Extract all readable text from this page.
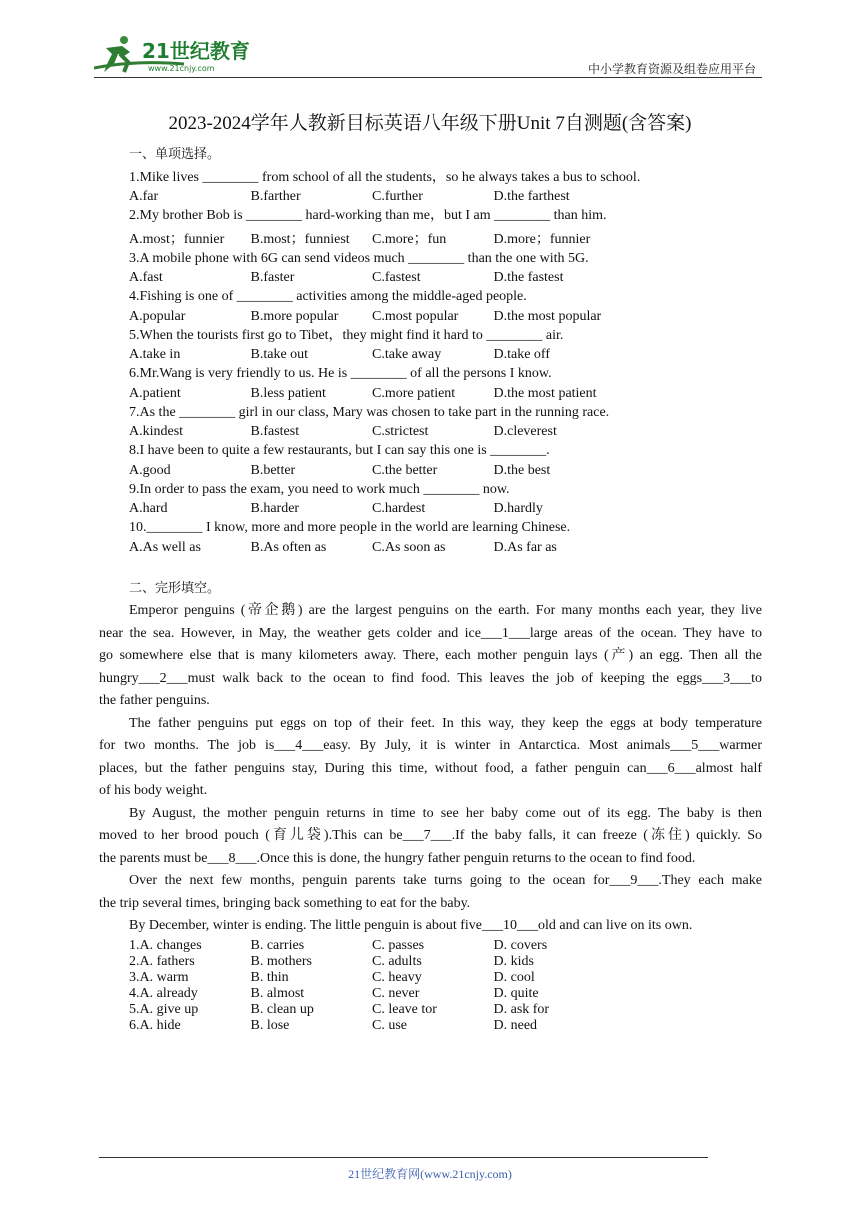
21世纪教育
www.21cnjy.com	中小学教育资源及组卷应用平台
2023-2024学年人教新目标英语八年级下册Unit 7自测题(含答案)
一、单项选择。
1.Mike lives ________ from school of all the students，so he always takes a bus to school.
A.far	B.farther	C.further	D.the farthest
2.My brother Bob is ________ hard-working than me，but I am ________ than him.
A.most；funnier	B.most；funniest	C.more；fun	D.more；funnier
3.A mobile phone with 6G can send videos much ________ than the one with 5G.
A.fast	B.faster	C.fastest	D.the fastest
4.Fishing is one of ________ activities among the middle-aged people.
A.popular	B.more popular	C.most popular	D.the most popular
5.When the tourists first go to Tibet，they might find it hard to ________ air.
A.take in	B.take out	C.take away	D.take off
6.Mr.Wang is very friendly to us. He is ________ of all the persons I know.
A.patient	B.less patient	C.more patient	D.the most patient
7.As the ________ girl in our class, Mary was chosen to take part in the running race.
A.kindest	B.fastest	C.strictest	D.cleverest
8.I have been to quite a few restaurants, but I can say this one is ________.
A.good	B.better	C.the better	D.the best
9.In order to pass the exam, you need to work much ________ now.
A.hard	B.harder	C.hardest	D.hardly
10.________ I know, more and more people in the world are learning Chinese.
A.As well as	B.As often as	C.As soon as	D.As far as
二、完形填空。
Emperor penguins (帝企鹅) are the largest penguins on the earth. For many months each year, they live
near the sea. However, in May, the weather gets colder and ice___1___large areas of the ocean. They have to
go somewhere else that is many kilometers away. There, each mother penguin lays (产) an egg. Then all the
hungry___2___must walk back to the ocean to find food. This leaves the job of keeping the eggs___3___to
the father penguins.
The father penguins put eggs on top of their feet. In this way, they keep the eggs at body temperature
for two months. The job is___4___easy. By July, it is winter in Antarctica. Most animals___5___warmer
places, but the father penguins stay, During this time, without food, a father penguin can___6___almost half
of his body weight.
By August, the mother penguin returns in time to see her baby come out of its egg. The baby is then
moved to her brood pouch (育儿袋).This can be___7___.If the baby falls, it can freeze (冻住) quickly. So
the parents must be___8___.Once this is done, the hungry father penguin returns to the ocean to find food.
Over the next few months, penguin parents take turns going to the ocean for___9___.They each make
the trip several times, bringing back something to eat for the baby.
By December, winter is ending. The little penguin is about five___10___old and can live on its own.
1.A. changes	B. carries	C. passes	D. covers
2.A. fathers	B. mothers	C. adults	D. kids
3.A. warm	B. thin	C. heavy	D. cool
4.A. already	B. almost	C. never	D. quite
5.A. give up	B. clean up	C. leave tor	D. ask for
6.A. hide	B. lose	C. use	D. need
21世纪教育网(www.21cnjy.com)
